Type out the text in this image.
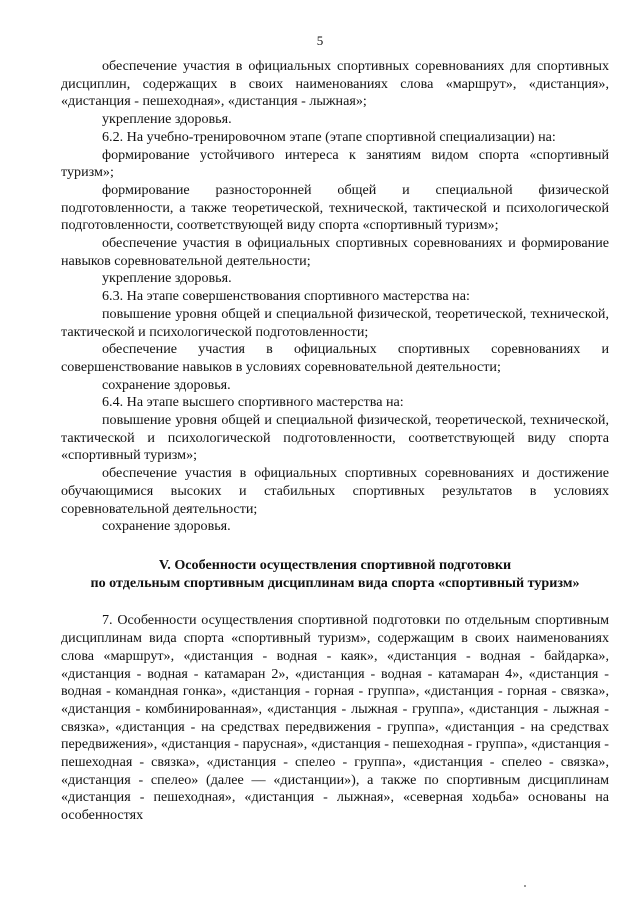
5

обеспечение участия в официальных спортивных соревнованиях для спортивных дисциплин, содержащих в своих наименованиях слова «маршрут», «дистанция», «дистанция - пешеходная», «дистанция - лыжная»;

укрепление здоровья.

6.2. На учебно-тренировочном этапе (этапе спортивной специализации) на:

формирование устойчивого интереса к занятиям видом спорта «спортивный туризм»;

формирование разносторонней общей и специальной физической подготовленности, а также теоретической, технической, тактической и психологической подготовленности, соответствующей виду спорта «спортивный туризм»;

обеспечение участия в официальных спортивных соревнованиях и формирование навыков соревновательной деятельности;

укрепление здоровья.

6.3. На этапе совершенствования спортивного мастерства на:

повышение уровня общей и специальной физической, теоретической, технической, тактической и психологической подготовленности;

обеспечение участия в официальных спортивных соревнованиях и совершенствование навыков в условиях соревновательной деятельности;

сохранение здоровья.

6.4. На этапе высшего спортивного мастерства на:

повышение уровня общей и специальной физической, теоретической, технической, тактической и психологической подготовленности, соответствующей виду спорта «спортивный туризм»;

обеспечение участия в официальных спортивных соревнованиях и достижение обучающимися высоких и стабильных спортивных результатов в условиях соревновательной деятельности;

сохранение здоровья.

V. Особенности осуществления спортивной подготовки
по отдельным спортивным дисциплинам вида спорта «спортивный туризм»

7. Особенности осуществления спортивной подготовки по отдельным спортивным дисциплинам вида спорта «спортивный туризм», содержащим в своих наименованиях слова «маршрут», «дистанция - водная - каяк», «дистанция - водная - байдарка», «дистанция - водная - катамаран 2», «дистанция - водная - катамаран 4», «дистанция - водная - командная гонка», «дистанция - горная - группа», «дистанция - горная - связка», «дистанция - комбинированная», «дистанция - лыжная - группа», «дистанция - лыжная - связка», «дистанция - на средствах передвижения - группа», «дистанция - на средствах передвижения», «дистанция - парусная», «дистанция - пешеходная - группа», «дистанция - пешеходная - связка», «дистанция - спелео - группа», «дистанция - спелео - связка», «дистанция - спелео» (далее — «дистанции»), а также по спортивным дисциплинам «дистанция - пешеходная», «дистанция - лыжная», «северная ходьба» основаны на особенностях
